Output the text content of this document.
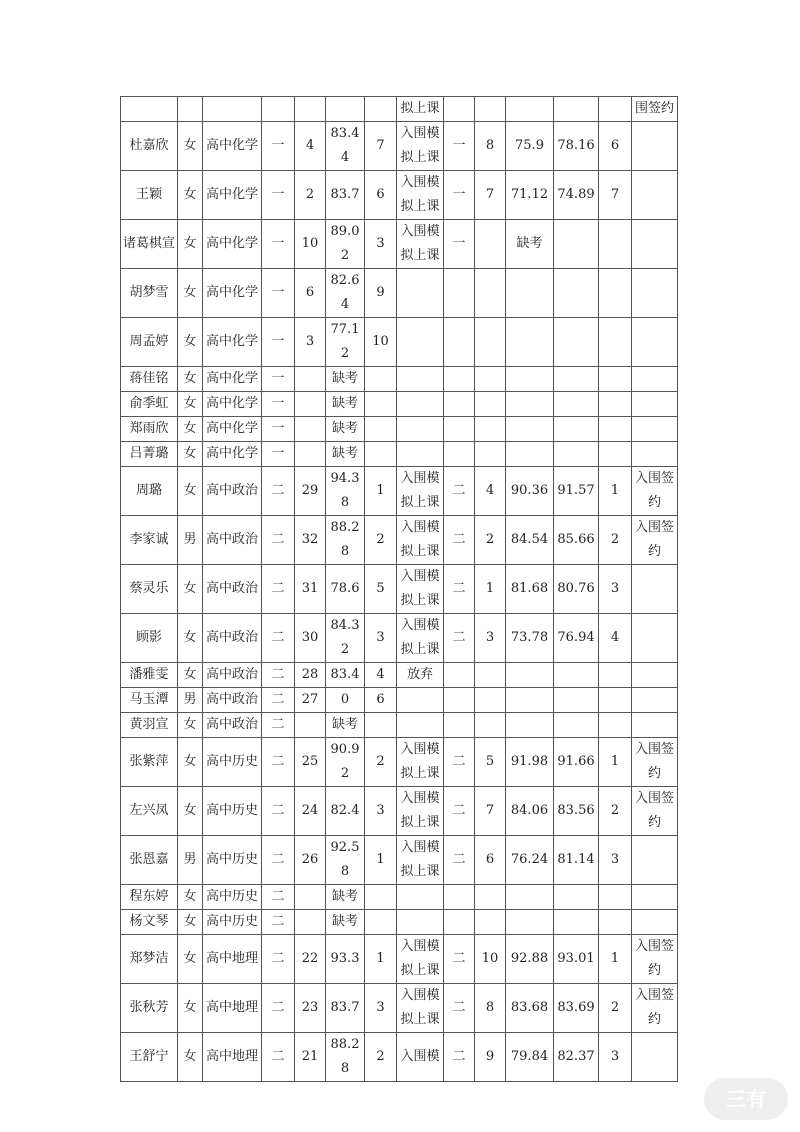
							拟上课						围签约
杜嘉欣	女	高中化学	一	4	83.44	7	入围模拟上课	一	8	75.9	78.16	6	
王颖	女	高中化学	一	2	83.7	6	入围模拟上课	一	7	71.12	74.89	7	
诸葛棋宣	女	高中化学	一	10	89.02	3	入围模拟上课	一		缺考			
胡梦雪	女	高中化学	一	6	82.64	9							
周孟婷	女	高中化学	一	3	77.12	10							
蒋佳铭	女	高中化学	一		缺考								
俞季虹	女	高中化学	一		缺考								
郑雨欣	女	高中化学	一		缺考								
吕菁璐	女	高中化学	一		缺考								
周璐	女	高中政治	二	29	94.38	1	入围模拟上课	二	4	90.36	91.57	1	入围签约
李家诚	男	高中政治	二	32	88.28	2	入围模拟上课	二	2	84.54	85.66	2	入围签约
蔡灵乐	女	高中政治	二	31	78.6	5	入围模拟上课	二	1	81.68	80.76	3	
顾影	女	高中政治	二	30	84.32	3	入围模拟上课	二	3	73.78	76.94	4	
潘雅雯	女	高中政治	二	28	83.4	4	放弃						
马玉潭	男	高中政治	二	27	0	6							
黄羽宣	女	高中政治	二		缺考								
张紫萍	女	高中历史	二	25	90.92	2	入围模拟上课	二	5	91.98	91.66	1	入围签约
左兴凤	女	高中历史	二	24	82.4	3	入围模拟上课	二	7	84.06	83.56	2	入围签约
张恩嘉	男	高中历史	二	26	92.58	1	入围模拟上课	二	6	76.24	81.14	3	
程东婷	女	高中历史	二		缺考								
杨文琴	女	高中历史	二		缺考								
郑梦洁	女	高中地理	二	22	93.3	1	入围模拟上课	二	10	92.88	93.01	1	入围签约
张秋芳	女	高中地理	二	23	83.7	3	入围模拟上课	二	8	83.68	83.69	2	入围签约
王舒宁	女	高中地理	二	21	88.28	2	入围模	二	9	79.84	82.37	3	
三有
